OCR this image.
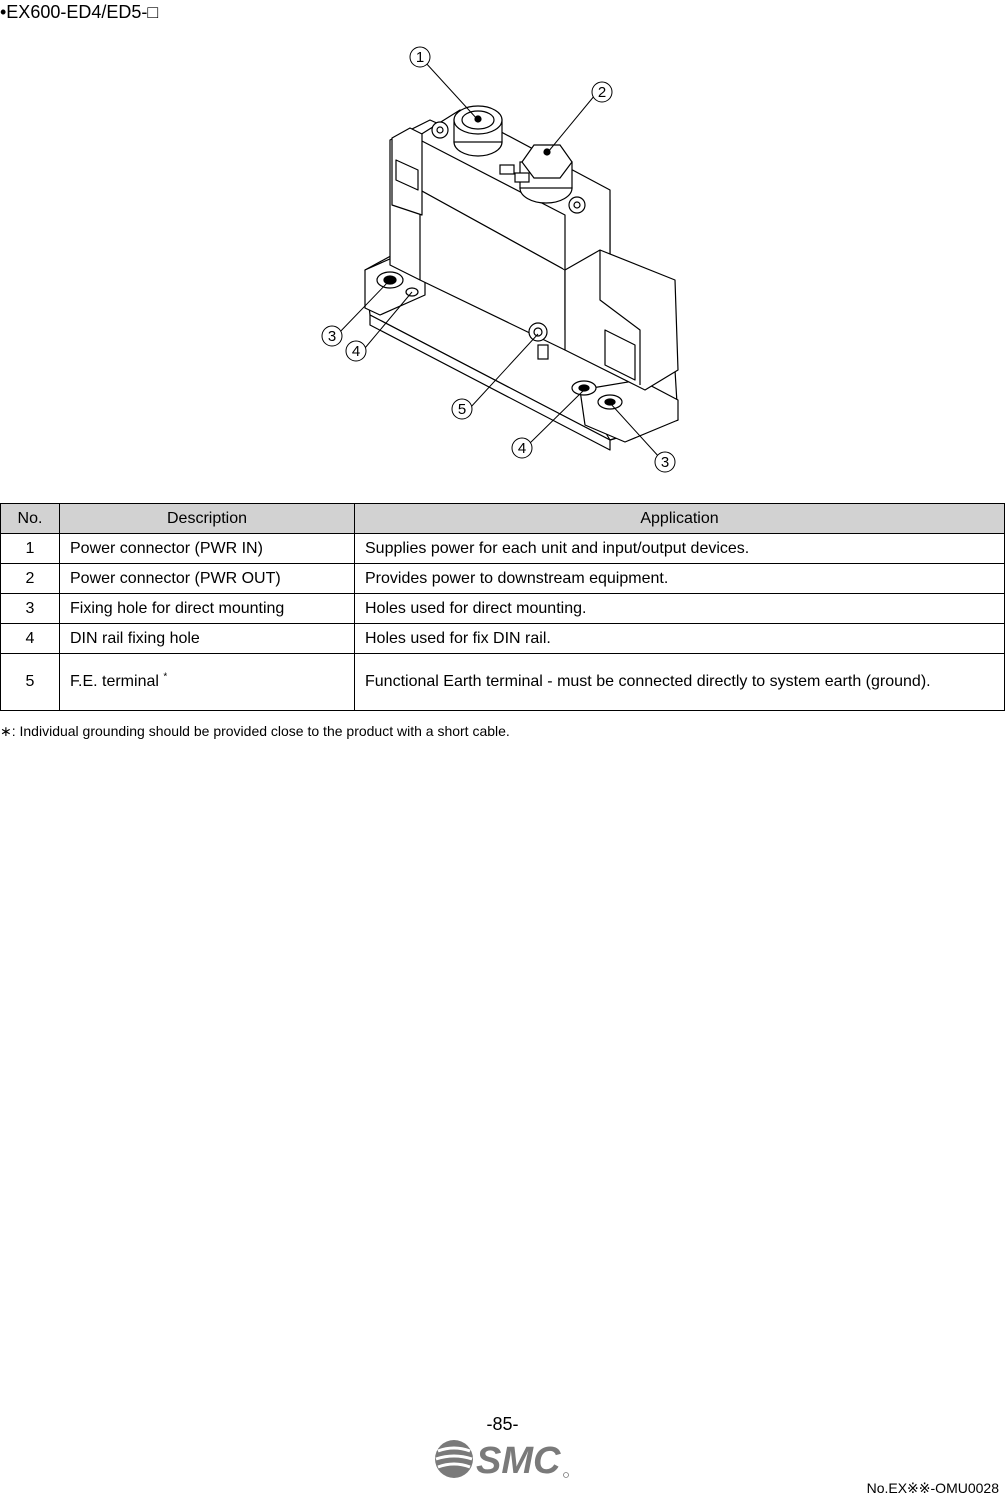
•EX600-ED4/ED5-□
1
2
3
4
5
4
3
No.	Description	Application
1	Power connector (PWR IN)	Supplies power for each unit and input/output devices.
2	Power connector (PWR OUT)	Provides power to downstream equipment.
3	Fixing hole for direct mounting	Holes used for direct mounting.
4	DIN rail fixing hole	Holes used for fix DIN rail.
5	F.E. terminal *	Functional Earth terminal - must be connected directly to system earth (ground).
∗: Individual grounding should be provided close to the product with a short cable.
-85-
SMC
No.EX※※-OMU0028
